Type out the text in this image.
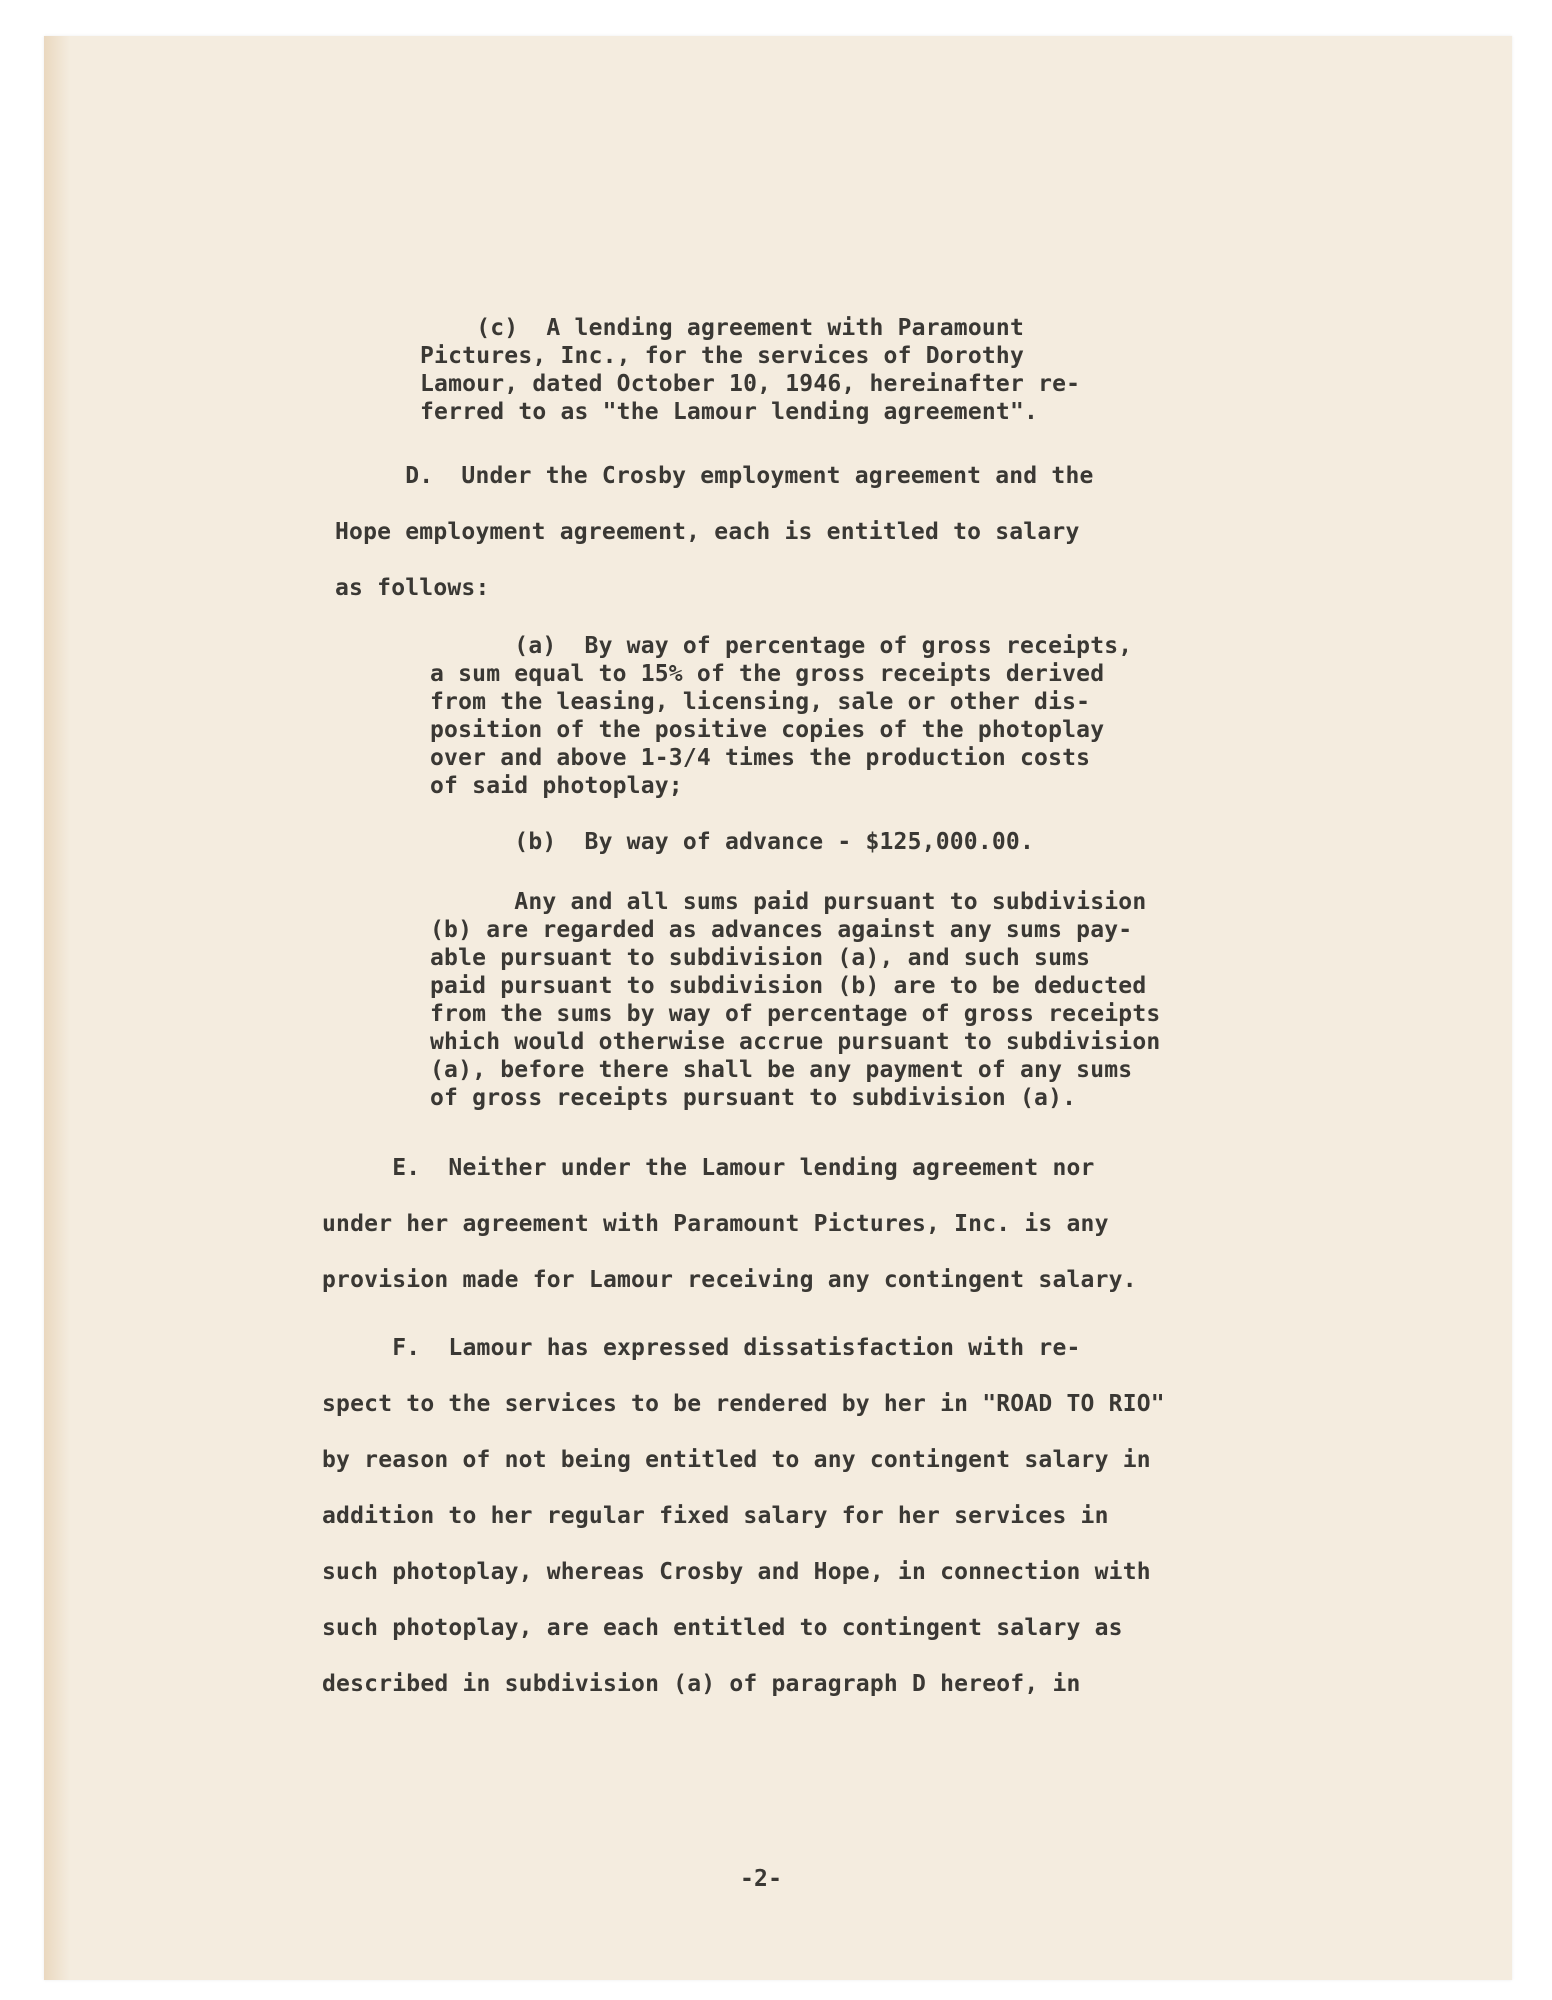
(c)  A lending agreement with Paramount
Pictures, Inc., for the services of Dorothy
Lamour, dated October 10, 1946, hereinafter re-
ferred to as "the Lamour lending agreement".
D.  Under the Crosby employment agreement and the
Hope employment agreement, each is entitled to salary
as follows:
(a)  By way of percentage of gross receipts,
a sum equal to 15% of the gross receipts derived
from the leasing, licensing, sale or other dis-
position of the positive copies of the photoplay
over and above 1-3/4 times the production costs
of said photoplay;
(b)  By way of advance - $125,000.00.
Any and all sums paid pursuant to subdivision
(b) are regarded as advances against any sums pay-
able pursuant to subdivision (a), and such sums
paid pursuant to subdivision (b) are to be deducted
from the sums by way of percentage of gross receipts
which would otherwise accrue pursuant to subdivision
(a), before there shall be any payment of any sums
of gross receipts pursuant to subdivision (a).
E.  Neither under the Lamour lending agreement nor
under her agreement with Paramount Pictures, Inc. is any
provision made for Lamour receiving any contingent salary.
F.  Lamour has expressed dissatisfaction with re-
spect to the services to be rendered by her in "ROAD TO RIO"
by reason of not being entitled to any contingent salary in
addition to her regular fixed salary for her services in
such photoplay, whereas Crosby and Hope, in connection with
such photoplay, are each entitled to contingent salary as
described in subdivision (a) of paragraph D hereof, in
-2-
